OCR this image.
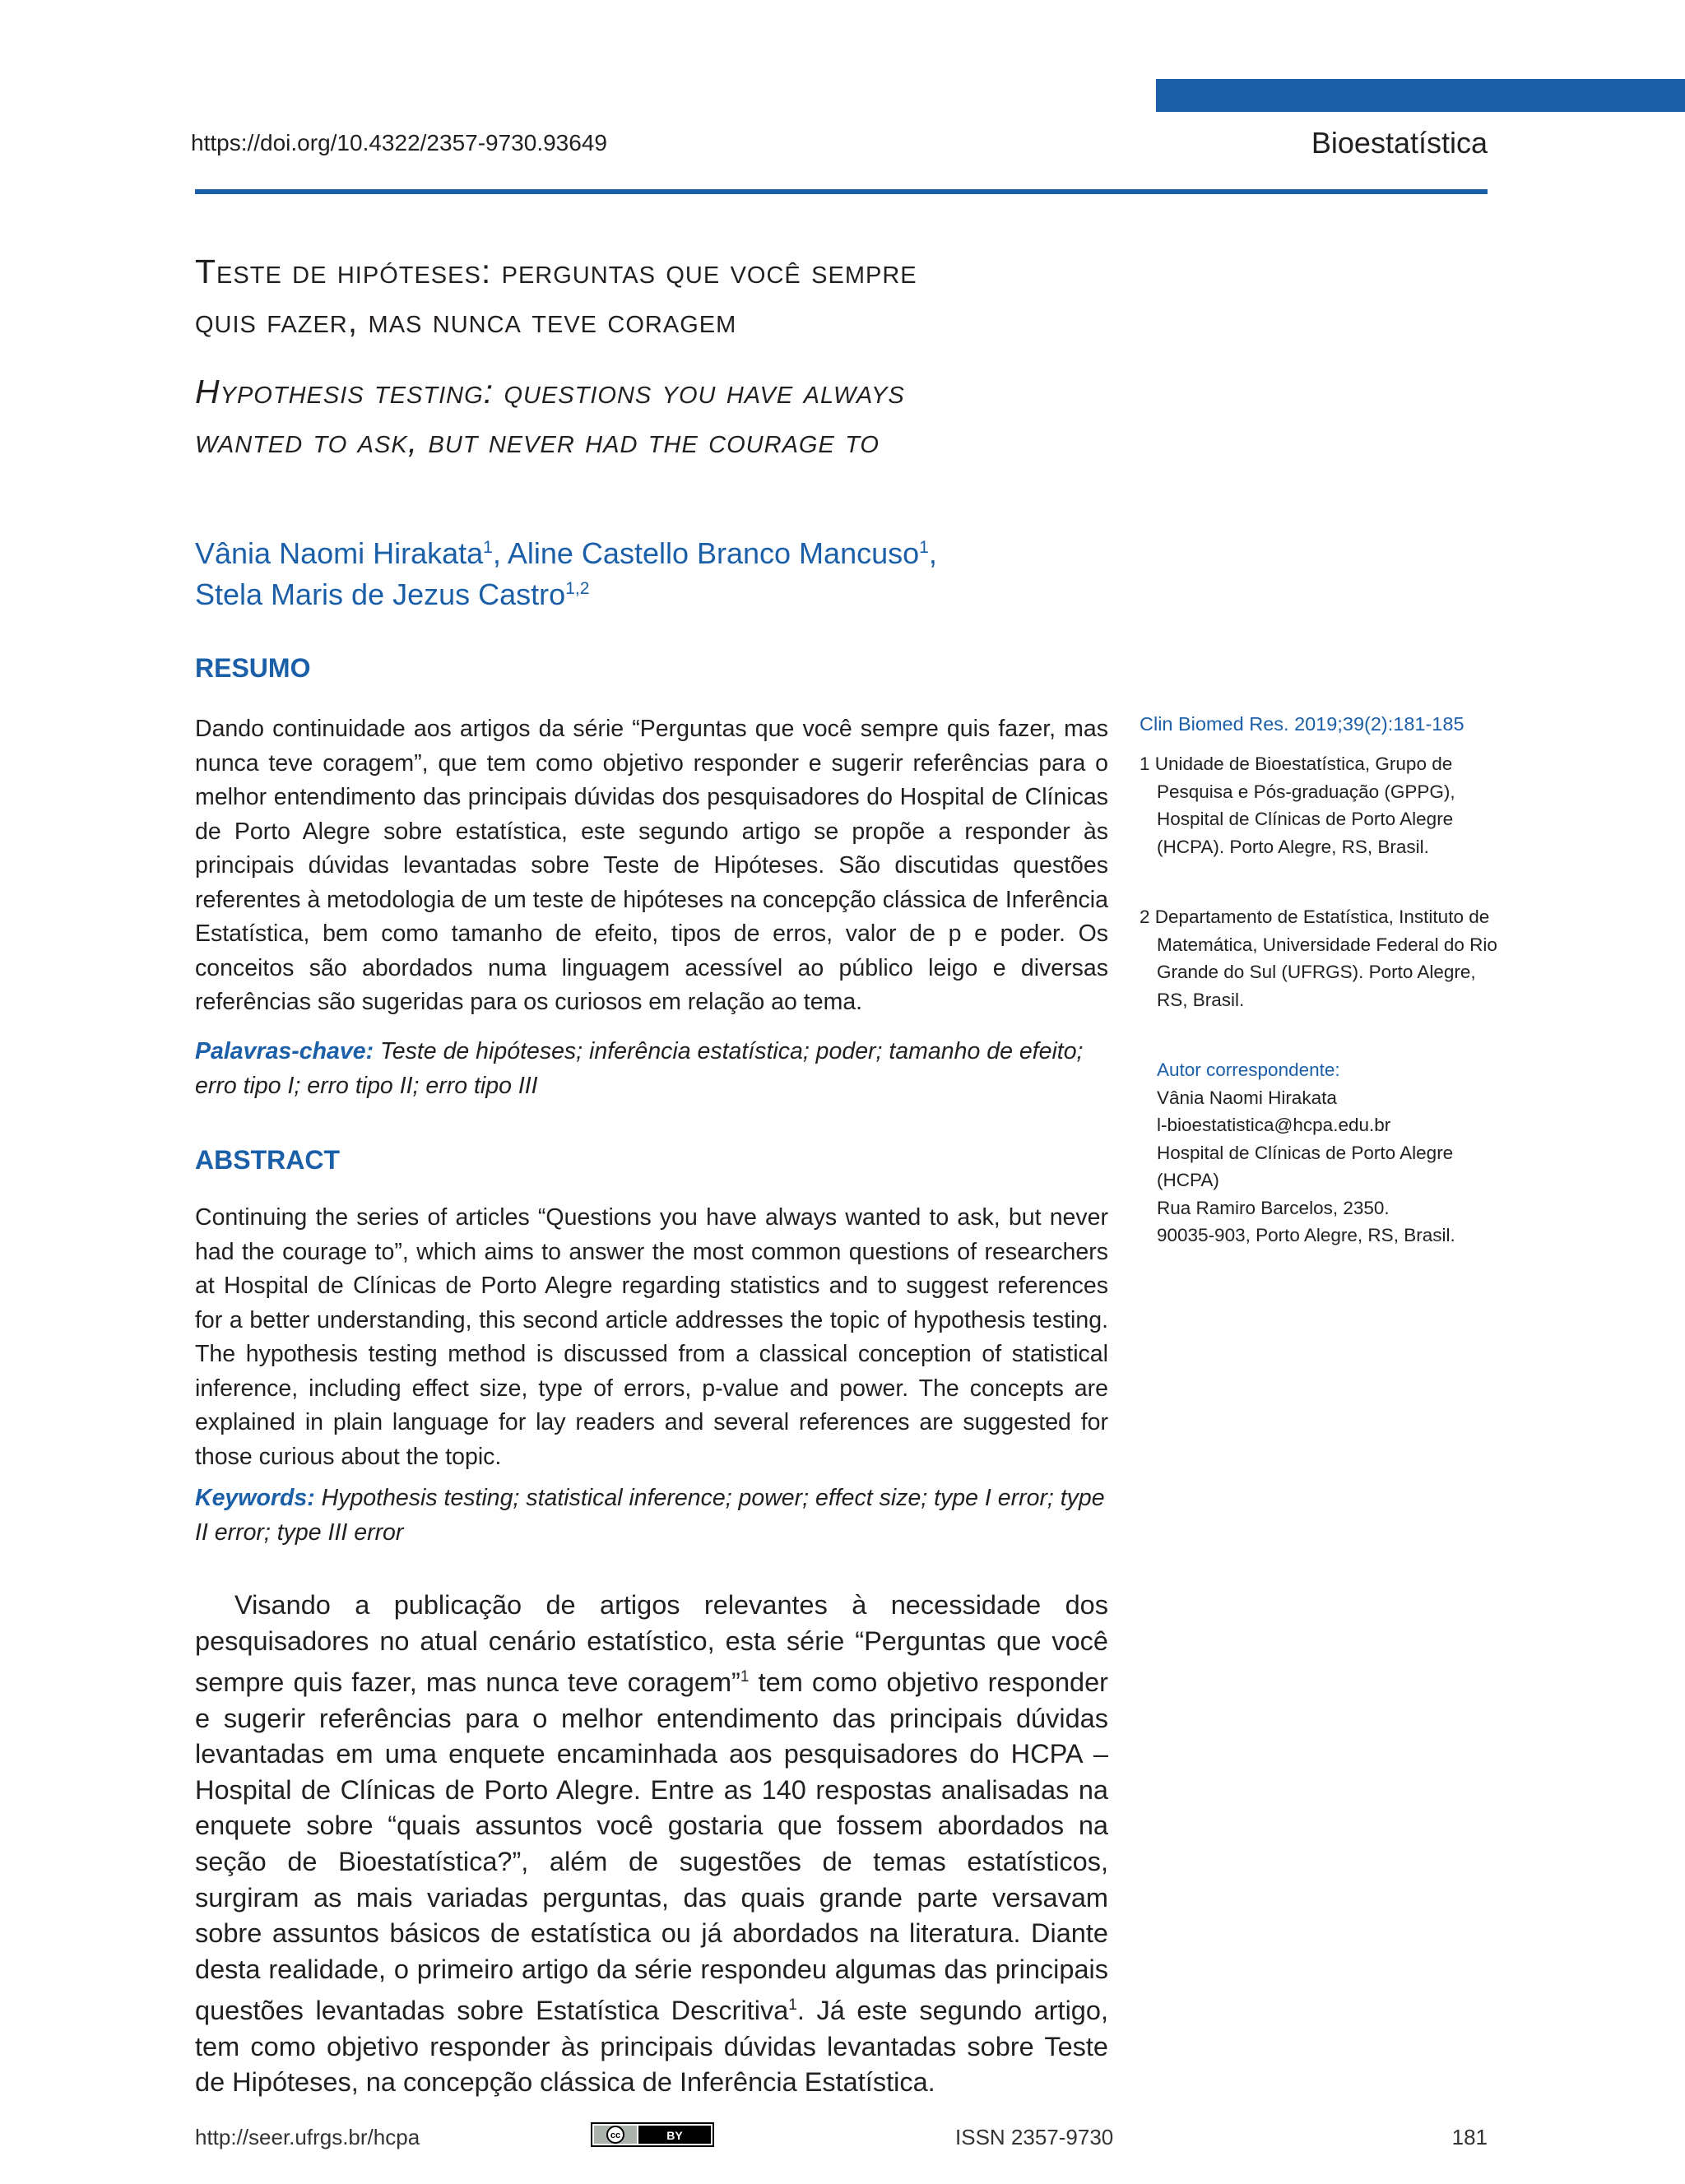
https://doi.org/10.4322/2357-9730.93649	Bioestatística
Teste de hipóteses: perguntas que você sempre
quis fazer, mas nunca teve coragem
Hypothesis testing: questions you have always
wanted to ask, but never had the courage to
Vânia Naomi Hirakata$^1$, Aline Castello Branco Mancuso$^1$,
Stela Maris de Jezus Castro$^{1,2}$
RESUMO
Dando continuidade aos artigos da série “Perguntas que você sempre quis fazer, mas nunca teve coragem”, que tem como objetivo responder e sugerir referências para o melhor entendimento das principais dúvidas dos pesquisadores do Hospital de Clínicas de Porto Alegre sobre estatística, este segundo artigo se propõe a responder às principais dúvidas levantadas sobre Teste de Hipóteses. São discutidas questões referentes à metodologia de um teste de hipóteses na concepção clássica de Inferência Estatística, bem como tamanho de efeito, tipos de erros, valor de p e poder. Os conceitos são abordados numa linguagem acessível ao público leigo e diversas referências são sugeridas para os curiosos em relação ao tema.
Palavras-chave: Teste de hipóteses; inferência estatística; poder; tamanho de efeito; erro tipo I; erro tipo II; erro tipo III
ABSTRACT
Continuing the series of articles “Questions you have always wanted to ask, but never had the courage to”, which aims to answer the most common questions of researchers at Hospital de Clínicas de Porto Alegre regarding statistics and to suggest references for a better understanding, this second article addresses the topic of hypothesis testing. The hypothesis testing method is discussed from a classical conception of statistical inference, including effect size, type of errors, p-value and power. The concepts are explained in plain language for lay readers and several references are suggested for those curious about the topic.
Keywords: Hypothesis testing; statistical inference; power; effect size; type I error; type II error; type III error
Visando a publicação de artigos relevantes à necessidade dos pesquisadores no atual cenário estatístico, esta série “Perguntas que você sempre quis fazer, mas nunca teve coragem”$^1$ tem como objetivo responder e sugerir referências para o melhor entendimento das principais dúvidas levantadas em uma enquete encaminhada aos pesquisadores do HCPA – Hospital de Clínicas de Porto Alegre. Entre as 140 respostas analisadas na enquete sobre “quais assuntos você gostaria que fossem abordados na seção de Bioestatística?”, além de sugestões de temas estatísticos, surgiram as mais variadas perguntas, das quais grande parte versavam sobre assuntos básicos de estatística ou já abordados na literatura. Diante desta realidade, o primeiro artigo da série respondeu algumas das principais questões levantadas sobre Estatística Descritiva$^1$. Já este segundo artigo, tem como objetivo responder às principais dúvidas levantadas sobre Teste de Hipóteses, na concepção clássica de Inferência Estatística.
Clin Biomed Res. 2019;39(2):181-185
1 Unidade de Bioestatística, Grupo de Pesquisa e Pós-graduação (GPPG), Hospital de Clínicas de Porto Alegre (HCPA). Porto Alegre, RS, Brasil.
2 Departamento de Estatística, Instituto de Matemática, Universidade Federal do Rio Grande do Sul (UFRGS). Porto Alegre, RS, Brasil.
Autor correspondente:
Vânia Naomi Hirakata
l-bioestatistica@hcpa.edu.br
Hospital de Clínicas de Porto Alegre (HCPA)
Rua Ramiro Barcelos, 2350.
90035-903, Porto Alegre, RS, Brasil.
http://seer.ufrgs.br/hcpa	cc	BY	ISSN 2357-9730	181
